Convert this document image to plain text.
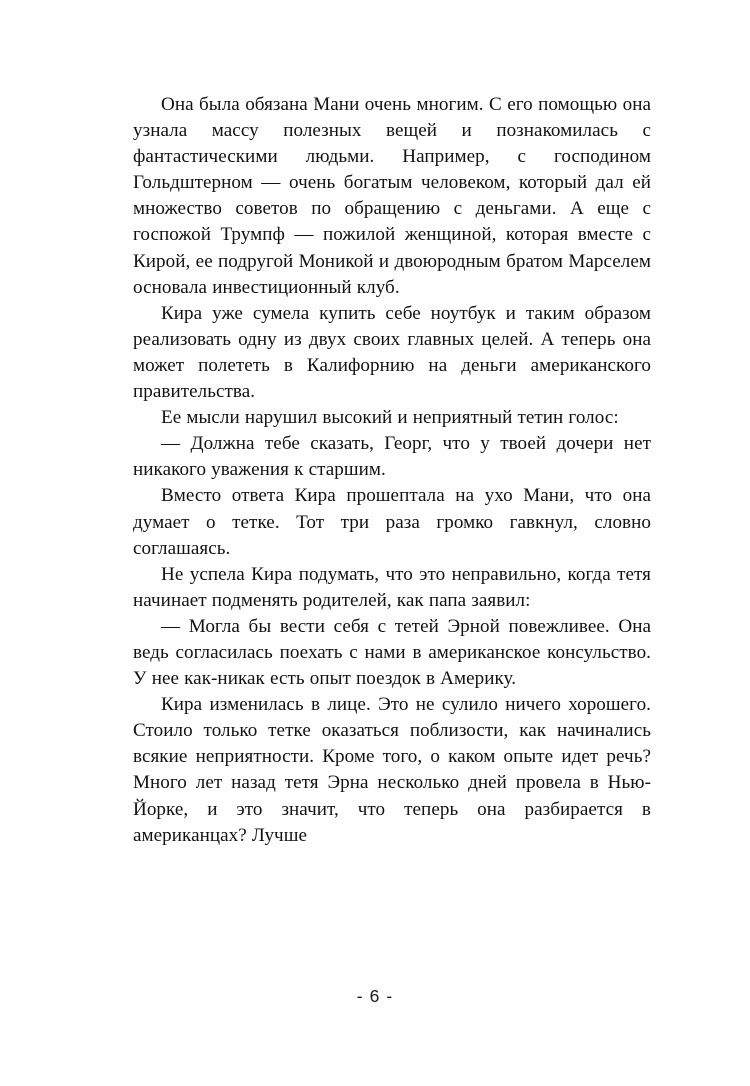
Она была обязана Мани очень многим. С его помощью она узнала массу полезных вещей и познакомилась с фантастическими людьми. Например, с господином Гольдштерном — очень богатым человеком, который дал ей множество советов по обращению с деньгами. А еще с госпожой Трумпф — пожилой женщиной, которая вместе с Кирой, ее подругой Моникой и двоюродным братом Марселем основала инвестиционный клуб.

Кира уже сумела купить себе ноутбук и таким образом реализовать одну из двух своих главных целей. А теперь она может полететь в Калифорнию на деньги американского правительства.

Ее мысли нарушил высокий и неприятный тетин голос:

— Должна тебе сказать, Георг, что у твоей дочери нет никакого уважения к старшим.

Вместо ответа Кира прошептала на ухо Мани, что она думает о тетке. Тот три раза громко гавкнул, словно соглашаясь.

Не успела Кира подумать, что это неправильно, когда тетя начинает подменять родителей, как папа заявил:

— Могла бы вести себя с тетей Эрной повежливее. Она ведь согласилась поехать с нами в американское консульство. У нее как-никак есть опыт поездок в Америку.

Кира изменилась в лице. Это не сулило ничего хорошего. Стоило только тетке оказаться поблизости, как начинались всякие неприятности. Кроме того, о каком опыте идет речь? Много лет назад тетя Эрна несколько дней провела в Нью-Йорке, и это значит, что теперь она разбирается в американцах? Лучше

- 6 -
